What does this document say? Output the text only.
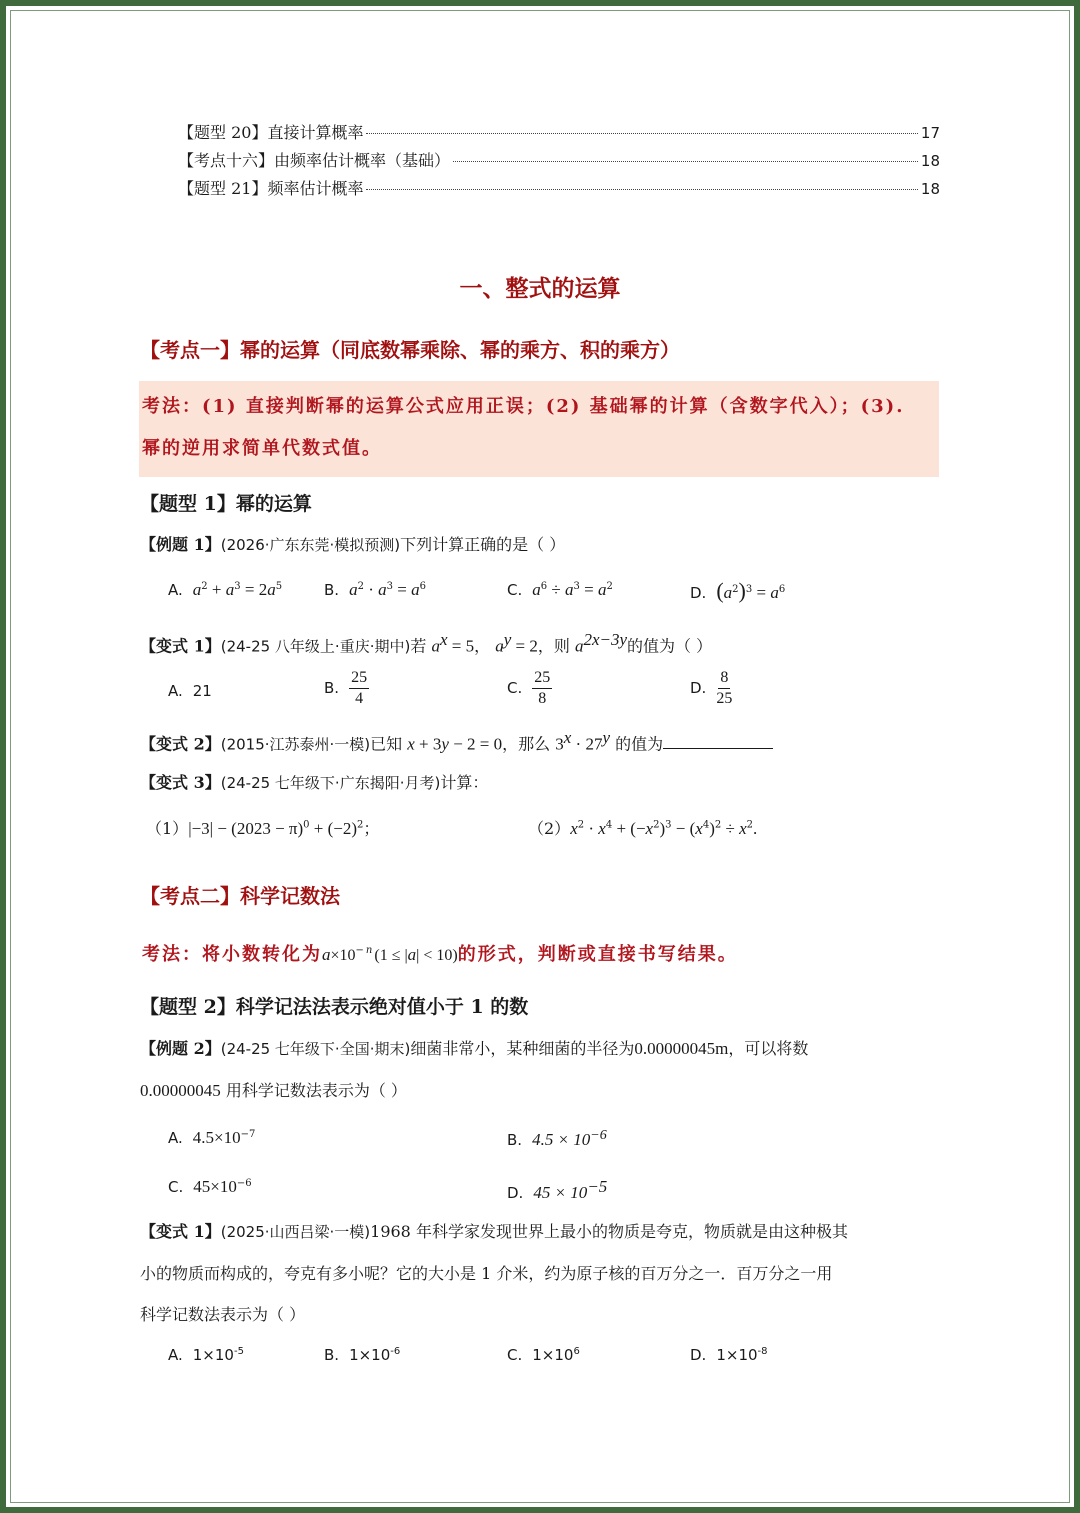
【题型 20】直接计算概率	17
【考点十六】由频率估计概率（基础）	18
【题型 21】频率估计概率	18
一、整式的运算
【考点一】幂的运算（同底数幂乘除、幂的乘方、积的乘方）
考法：(1) 直接判断幂的运算公式应用正误；(2) 基础幂的计算（含数字代入）；(3).
幂的逆用求简单代数式值。
【题型 1】幂的运算
【例题 1】(2026·广东东莞·模拟预测)下列计算正确的是（ ）
A. $a^2 + a^3 = 2a^5$	B. $a^2 \cdot a^3 = a^6$	C. $a^6 \div a^3 = a^2$	D. $(a^2)^3 = a^6$
【变式 1】(24-25 八年级上·重庆·期中)若 $a^x = 5$， $a^y = 2$，则 $a^{2x-3y}$的值为（ ）
A. 21	B. $\frac{25}{4}$	C. $\frac{25}{8}$	D. $\frac{8}{25}$
【变式 2】(2015·江苏泰州·一模)已知 x + 3y − 2 = 0，那么 $3^x \cdot 27^y$ 的值为
【变式 3】(24-25 七年级下·广东揭阳·月考)计算：
$(1)|-3| - (2023 - \pi)^0 + (-2)^2$；	$(2)x^2 \cdot x^4 + (-x^2)^3 - (x^4)^2 \div x^2$.
【考点二】科学记数法
考法：将小数转化为$a\times 10^{-n}(1 \le |a| < 10)$的形式，判断或直接书写结果。
【题型 2】科学记法法表示绝对值小于 1 的数
【例题 2】(24-25 七年级下·全国·期末)细菌非常小，某种细菌的半径为0.00000045m，可以将数
0.00000045 用科学记数法表示为（ ）
A. $4.5\times 10^{-7}$	B. $4.5 \times 10^{-6}$
C. $45\times 10^{-6}$
D. $45 \times 10^{-5}$
【变式 1】(2025·山西吕梁·一模)1968 年科学家发现世界上最小的物质是夸克，物质就是由这种极其
小的物质而构成的，夸克有多小呢？它的大小是 1 介米，约为原子核的百万分之一．百万分之一用
科学记数法表示为（ ）
A. $1\times 10^{-5}$	B. $1\times 10^{-6}$	C. $1\times 10^6$	D. $1\times 10^{-8}$
